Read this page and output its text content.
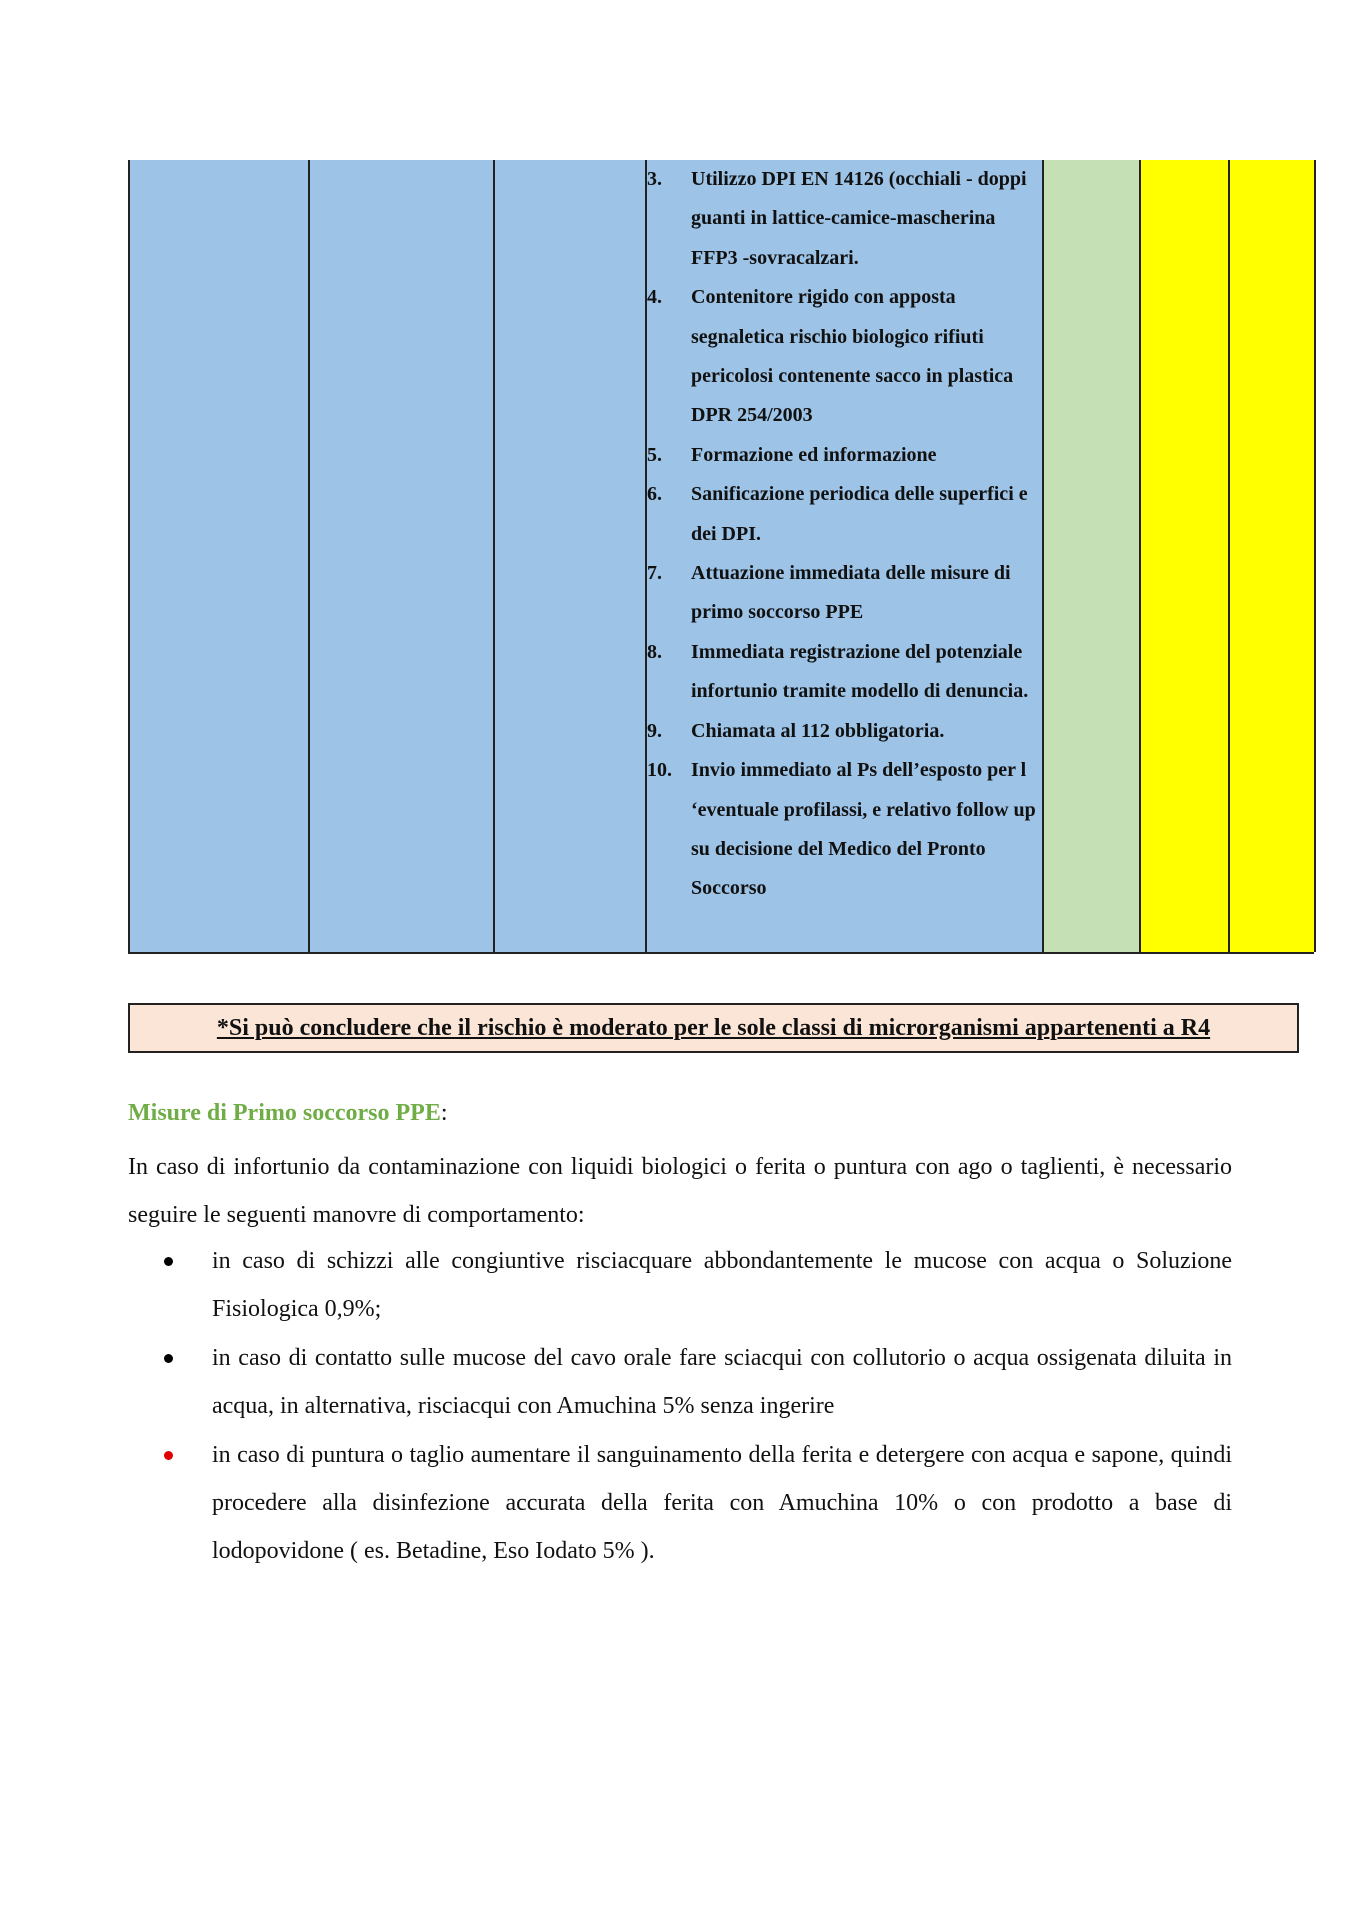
3.	Utilizzo DPI EN 14126 (occhiali - doppi guanti in lattice-camice-mascherina FFP3 -sovracalzari.
4.	Contenitore rigido con apposta segnaletica rischio biologico rifiuti pericolosi contenente sacco in plastica DPR 254/2003
5.	Formazione ed informazione
6.	Sanificazione periodica delle superfici e dei DPI.
7.	Attuazione immediata delle misure di primo soccorso PPE
8.	Immediata registrazione del potenziale infortunio tramite modello di denuncia.
9.	Chiamata al 112 obbligatoria.
10. Invio immediato al Ps dell’esposto per l ‘eventuale profilassi, e relativo follow up su decisione del Medico del Pronto Soccorso
*Si può concludere che il rischio è moderato per le sole classi di microrganismi appartenenti a R4
Misure di Primo soccorso PPE:
In caso di infortunio da contaminazione con liquidi biologici o ferita o puntura con ago o taglienti, è necessario seguire le seguenti manovre di comportamento:
in caso di schizzi alle congiuntive risciacquare abbondantemente le mucose con acqua o Soluzione Fisiologica 0,9%;
in caso di contatto sulle mucose del cavo orale fare sciacqui con collutorio o acqua ossigenata diluita in acqua, in alternativa, risciacqui con Amuchina 5% senza ingerire
in caso di puntura o taglio aumentare il sanguinamento della ferita e detergere con acqua e sapone, quindi procedere alla disinfezione accurata della ferita con Amuchina 10% o con prodotto a base di lodopovidone ( es. Betadine, Eso Iodato 5% ).
